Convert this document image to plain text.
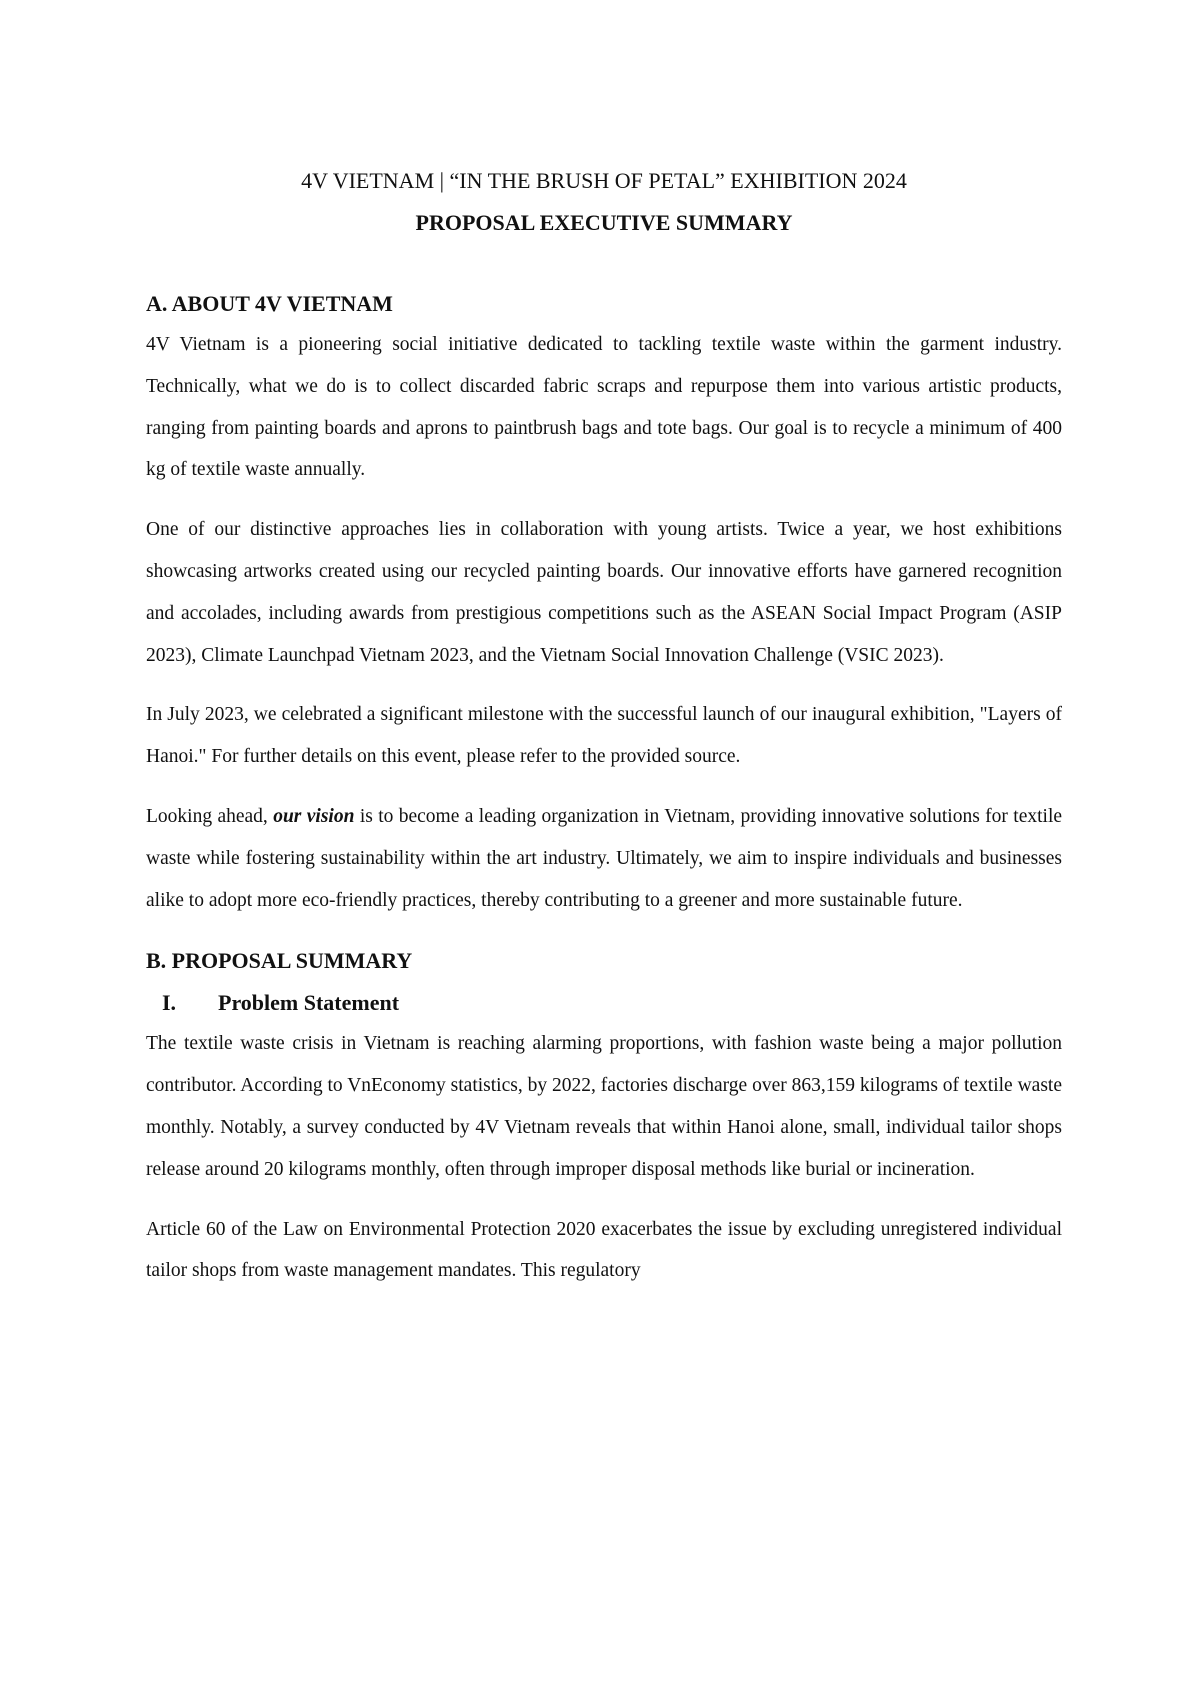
4V VIETNAM | “IN THE BRUSH OF PETAL” EXHIBITION 2024
PROPOSAL EXECUTIVE SUMMARY
A. ABOUT 4V VIETNAM

4V Vietnam is a pioneering social initiative dedicated to tackling textile waste within the garment industry. Technically, what we do is to collect discarded fabric scraps and repurpose them into various artistic products, ranging from painting boards and aprons to paintbrush bags and tote bags. Our goal is to recycle a minimum of 400 kg of textile waste annually.

One of our distinctive approaches lies in collaboration with young artists. Twice a year, we host exhibitions showcasing artworks created using our recycled painting boards. Our innovative efforts have garnered recognition and accolades, including awards from prestigious competitions such as the ASEAN Social Impact Program (ASIP 2023), Climate Launchpad Vietnam 2023, and the Vietnam Social Innovation Challenge (VSIC 2023).

In July 2023, we celebrated a significant milestone with the successful launch of our inaugural exhibition, "Layers of Hanoi." For further details on this event, please refer to the provided source.

Looking ahead, our vision is to become a leading organization in Vietnam, providing innovative solutions for textile waste while fostering sustainability within the art industry. Ultimately, we aim to inspire individuals and businesses alike to adopt more eco-friendly practices, thereby contributing to a greener and more sustainable future.

B. PROPOSAL SUMMARY
I.	Problem Statement

The textile waste crisis in Vietnam is reaching alarming proportions, with fashion waste being a major pollution contributor. According to VnEconomy statistics, by 2022, factories discharge over 863,159 kilograms of textile waste monthly. Notably, a survey conducted by 4V Vietnam reveals that within Hanoi alone, small, individual tailor shops release around 20 kilograms monthly, often through improper disposal methods like burial or incineration.

Article 60 of the Law on Environmental Protection 2020 exacerbates the issue by excluding unregistered individual tailor shops from waste management mandates. This regulatory
